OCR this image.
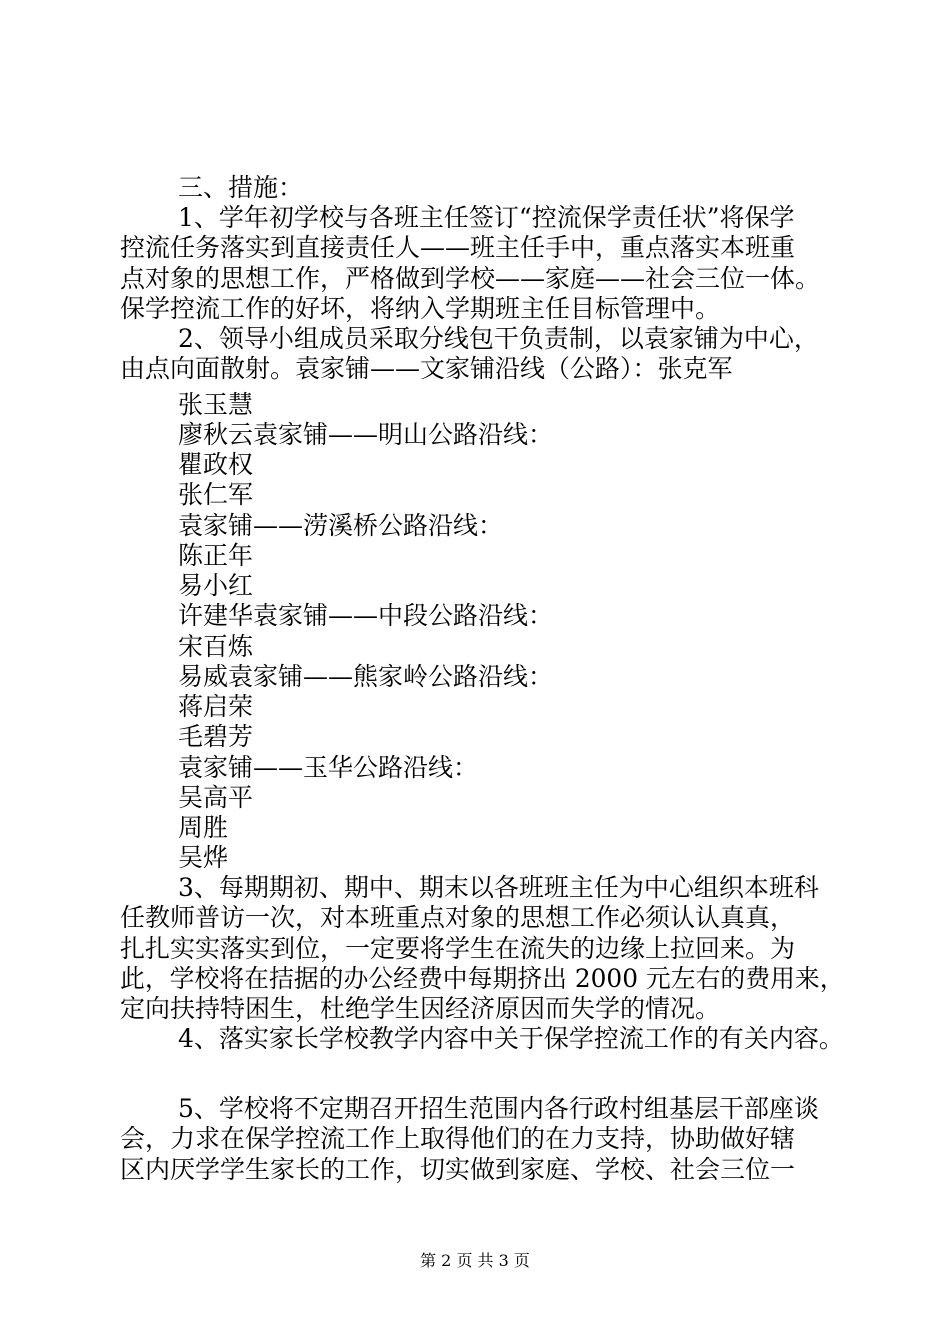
三、措施：
1、学年初学校与各班主任签订“控流保学责任状”将保学
控流任务落实到直接责任人——班主任手中，重点落实本班重
点对象的思想工作，严格做到学校——家庭——社会三位一体。
保学控流工作的好坏，将纳入学期班主任目标管理中。
2、领导小组成员采取分线包干负责制，以袁家铺为中心，
由点向面散射。袁家铺——文家铺沿线（公路）：张克军
张玉慧
廖秋云袁家铺——明山公路沿线：
瞿政权
张仁军
袁家铺——涝溪桥公路沿线：
陈正年
易小红
许建华袁家铺——中段公路沿线：
宋百炼
易威袁家铺——熊家岭公路沿线：
蒋启荣
毛碧芳
袁家铺——玉华公路沿线：
吴高平
周胜
吴烨
3、每期期初、期中、期末以各班班主任为中心组织本班科
任教师普访一次，对本班重点对象的思想工作必须认认真真，
扎扎实实落实到位，一定要将学生在流失的边缘上拉回来。为
此，学校将在拮据的办公经费中每期挤出 2000 元左右的费用来，
定向扶持特困生，杜绝学生因经济原因而失学的情况。
4、落实家长学校教学内容中关于保学控流工作的有关内容。
5、学校将不定期召开招生范围内各行政村组基层干部座谈
会，力求在保学控流工作上取得他们的在力支持，协助做好辖
区内厌学学生家长的工作，切实做到家庭、学校、社会三位一
第 2 页 共 3 页
